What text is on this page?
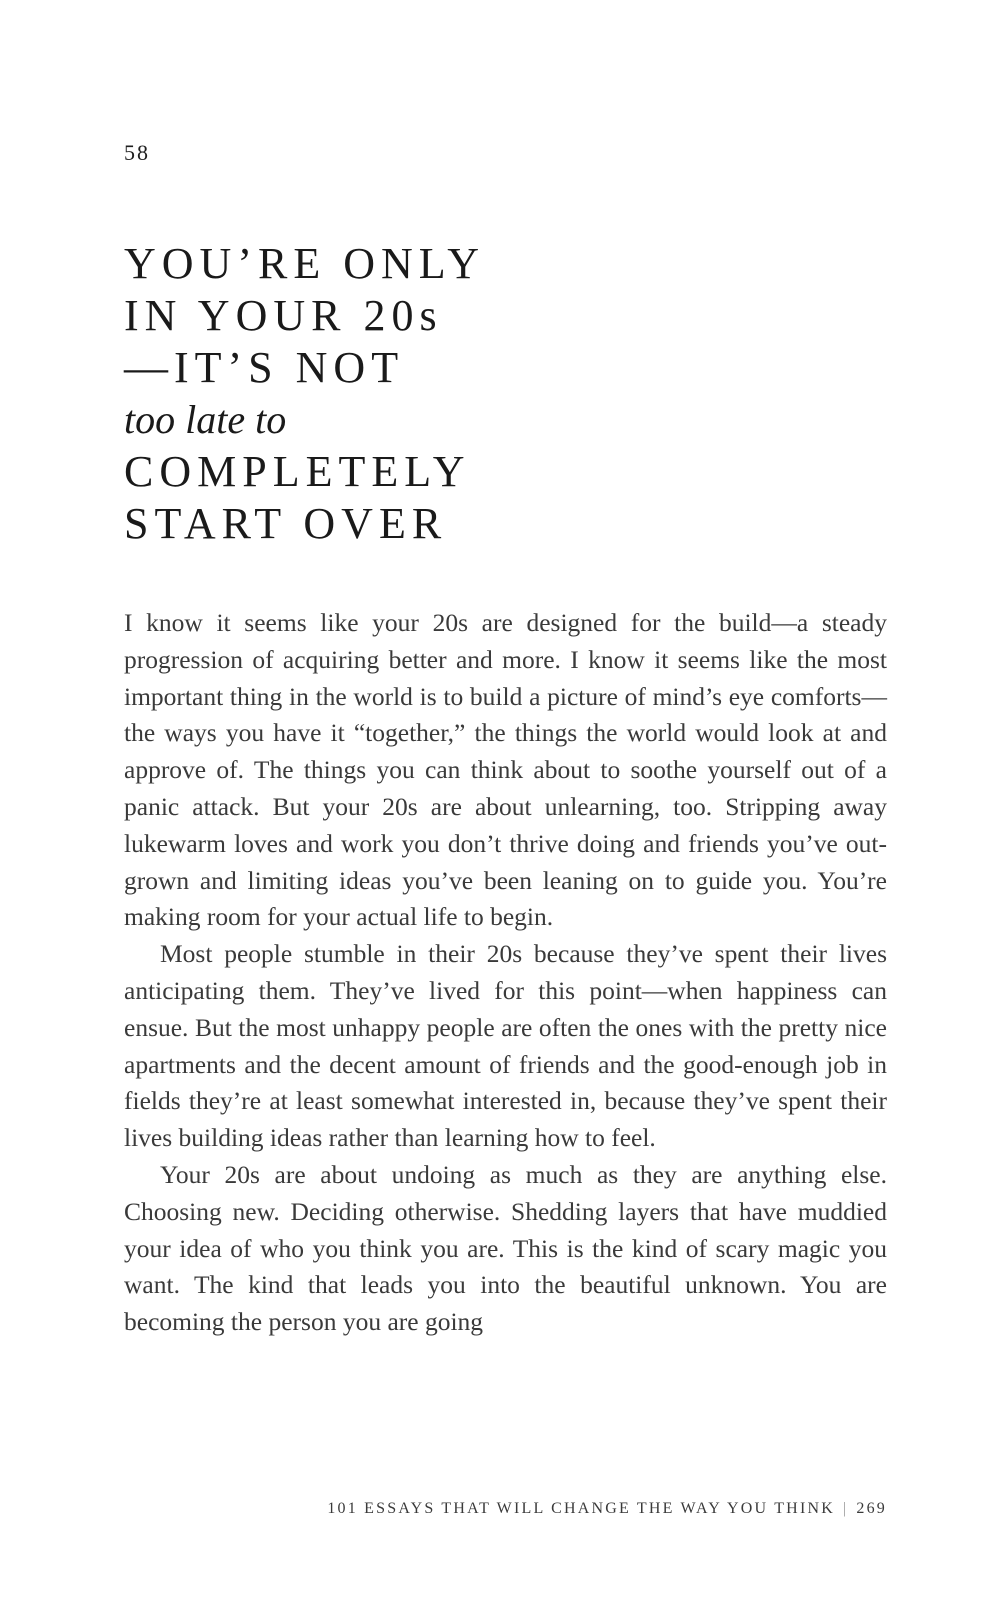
58
YOU’RE ONLY
IN YOUR 20s
—IT’S NOT
too late to
COMPLETELY
START OVER

I know it seems like your 20s are designed for the build—a steady progression of acquiring better and more. I know it seems like the most important thing in the world is to build a picture of mind’s eye comforts—the ways you have it “together,” the things the world would look at and approve of. The things you can think about to soothe yourself out of a panic attack. But your 20s are about unlearning, too. Stripping away lukewarm loves and work you don’t thrive doing and friends you’ve outgrown and limiting ideas you’ve been leaning on to guide you. You’re making room for your actual life to begin.

Most people stumble in their 20s because they’ve spent their lives anticipating them. They’ve lived for this point—when happiness can ensue. But the most unhappy people are often the ones with the pretty nice apartments and the decent amount of friends and the good-enough job in fields they’re at least somewhat interested in, because they’ve spent their lives building ideas rather than learning how to feel.

Your 20s are about undoing as much as they are anything else. Choosing new. Deciding otherwise. Shedding layers that have muddied your idea of who you think you are. This is the kind of scary magic you want. The kind that leads you into the beautiful unknown. You are becoming the person you are going

101 ESSAYS THAT WILL CHANGE THE WAY YOU THINK | 269
